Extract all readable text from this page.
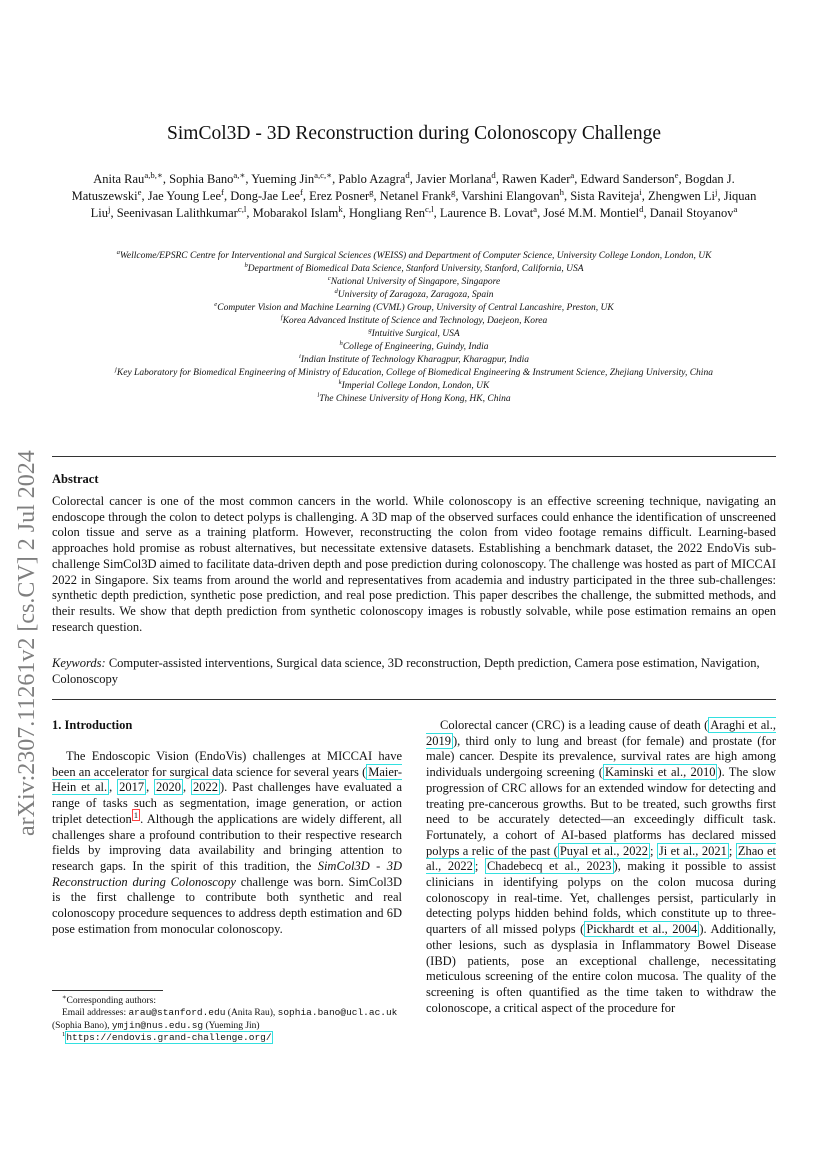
arXiv:2307.11261v2 [cs.CV] 2 Jul 2024
SimCol3D - 3D Reconstruction during Colonoscopy Challenge
Anita Rau$^{a,b,∗}$, Sophia Bano$^{a,∗}$, Yueming Jin$^{a,c,∗}$, Pablo Azagra$^d$, Javier Morlana$^d$, Rawen Kader$^a$, Edward Sanderson$^e$, Bogdan J. Matuszewski$^e$, Jae Young Lee$^f$, Dong-Jae Lee$^f$, Erez Posner$^g$, Netanel Frank$^g$, Varshini Elangovan$^h$, Sista Raviteja$^i$, Zhengwen Li$^j$, Jiquan Liu$^j$, Seenivasan Lalithkumar$^{c,l}$, Mobarakol Islam$^k$, Hongliang Ren$^{c,l}$, Laurence B. Lovat$^a$, José M.M. Montiel$^d$, Danail Stoyanov$^a$
$^a$Wellcome/EPSRC Centre for Interventional and Surgical Sciences (WEISS) and Department of Computer Science, University College London, London, UK
$^b$Department of Biomedical Data Science, Stanford University, Stanford, California, USA
$^c$National University of Singapore, Singapore
$^d$University of Zaragoza, Zaragoza, Spain
$^e$Computer Vision and Machine Learning (CVML) Group, University of Central Lancashire, Preston, UK
$^f$Korea Advanced Institute of Science and Technology, Daejeon, Korea
$^g$Intuitive Surgical, USA
$^h$College of Engineering, Guindy, India
$^i$Indian Institute of Technology Kharagpur, Kharagpur, India
$^j$Key Laboratory for Biomedical Engineering of Ministry of Education, College of Biomedical Engineering & Instrument Science, Zhejiang University, China
$^k$Imperial College London, London, UK
$^l$The Chinese University of Hong Kong, HK, China
Abstract
Colorectal cancer is one of the most common cancers in the world. While colonoscopy is an effective screening technique, navigating an endoscope through the colon to detect polyps is challenging. A 3D map of the observed surfaces could enhance the identification of unscreened colon tissue and serve as a training platform. However, reconstructing the colon from video footage remains difficult. Learning-based approaches hold promise as robust alternatives, but necessitate extensive datasets. Establishing a benchmark dataset, the 2022 EndoVis sub-challenge SimCol3D aimed to facilitate data-driven depth and pose prediction during colonoscopy. The challenge was hosted as part of MICCAI 2022 in Singapore. Six teams from around the world and representatives from academia and industry participated in the three sub-challenges: synthetic depth prediction, synthetic pose prediction, and real pose prediction. This paper describes the challenge, the submitted methods, and their results. We show that depth prediction from synthetic colonoscopy images is robustly solvable, while pose estimation remains an open research question.
Keywords: Computer-assisted interventions, Surgical data science, 3D reconstruction, Depth prediction, Camera pose estimation, Navigation, Colonoscopy
1. Introduction
The Endoscopic Vision (EndoVis) challenges at MICCAI have been an accelerator for surgical data science for several years ( Maier-Hein et al. , 2017 , 2020 , 2022 ). Past challenges have evaluated a range of tasks such as segmentation, image generation, or action triplet detection $^1$ . Although the applications are widely different, all challenges share a profound contribution to their respective research fields by improving data availability and bringing attention to research gaps. In the spirit of this tradition, the SimCol3D - 3D Reconstruction during Colonoscopy challenge was born. SimCol3D is the first challenge to contribute both synthetic and real colonoscopy procedure sequences to address depth estimation and 6D pose estimation from monocular colonoscopy.
Colorectal cancer (CRC) is a leading cause of death ( Araghi et al., 2019 ), third only to lung and breast (for female) and prostate (for male) cancer. Despite its prevalence, survival rates are high among individuals undergoing screening ( Kaminski et al., 2010 ). The slow progression of CRC allows for an extended window for detecting and treating pre-cancerous growths. But to be treated, such growths first need to be accurately detected—an exceedingly difficult task. Fortunately, a cohort of AI-based platforms has declared missed polyps a relic of the past ( Puyal et al., 2022 ; Ji et al., 2021 ; Zhao et al., 2022 ; Chadebecq et al., 2023 ), making it possible to assist clinicians in identifying polyps on the colon mucosa during colonoscopy in real-time. Yet, challenges persist, particularly in detecting polyps hidden behind folds, which constitute up to three-quarters of all missed polyps ( Pickhardt et al., 2004 ). Additionally, other lesions, such as dysplasia in Inflammatory Bowel Disease (IBD) patients, pose an exceptional challenge, necessitating meticulous screening of the entire colon mucosa. The quality of the screening is often quantified as the time taken to withdraw the colonoscope, a critical aspect of the procedure for
∗Corresponding authors:
Email addresses: arau@stanford.edu (Anita Rau), sophia.bano@ucl.ac.uk (Sophia Bano), ymjin@nus.edu.sg (Yueming Jin)
$^1$https://endovis.grand-challenge.org/
